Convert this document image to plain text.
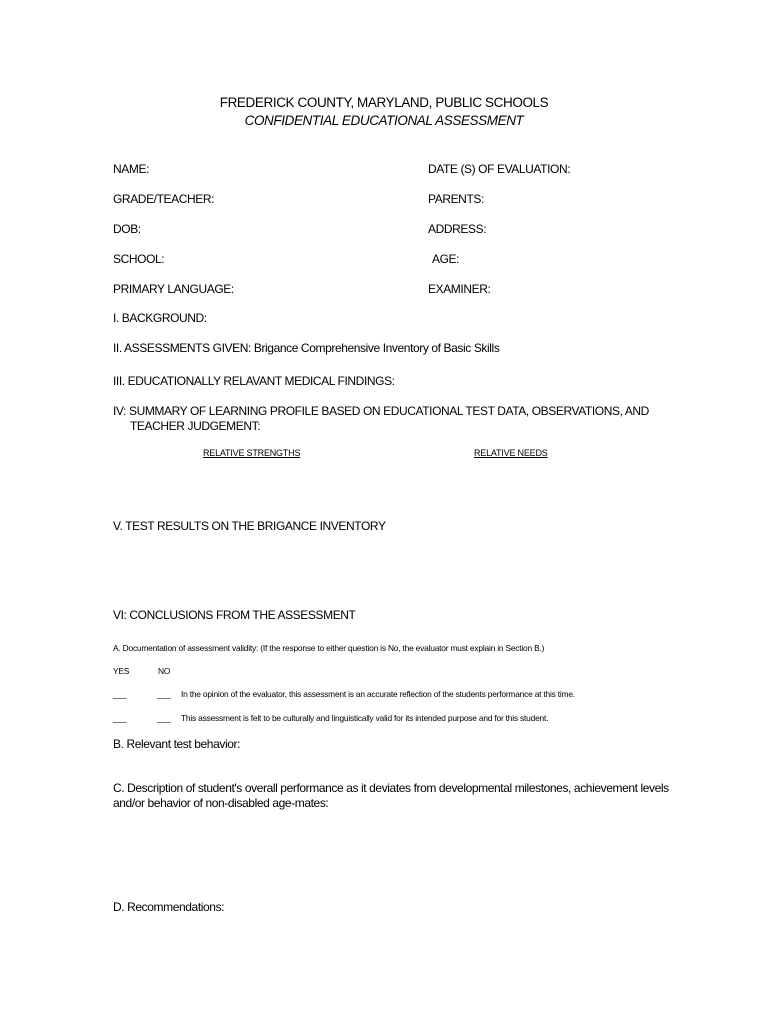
FREDERICK COUNTY, MARYLAND, PUBLIC SCHOOLS
CONFIDENTIAL EDUCATIONAL ASSESSMENT
NAME:	DATE (S) OF EVALUATION:
GRADE/TEACHER:	PARENTS:
DOB:	ADDRESS:
SCHOOL:	AGE:
PRIMARY LANGUAGE:	EXAMINER:
I. BACKGROUND:
II. ASSESSMENTS GIVEN: Brigance Comprehensive Inventory of Basic Skills
III. EDUCATIONALLY RELAVANT MEDICAL FINDINGS:
IV: SUMMARY OF LEARNING PROFILE BASED ON EDUCATIONAL TEST DATA, OBSERVATIONS, AND
TEACHER JUDGEMENT:
RELATIVE STRENGTHS	RELATIVE NEEDS
V. TEST RESULTS ON THE BRIGANCE INVENTORY
VI: CONCLUSIONS FROM THE ASSESSMENT
A. Documentation of assessment validity: (If the response to either question is No, the evaluator must explain in Section B.)
YES	NO
___	___ In the opinion of the evaluator, this assessment is an accurate reflection of the students performance at this time.
___	___ This assessment is felt to be culturally and linguistically valid for its intended purpose and for this student.
B. Relevant test behavior:
C. Description of student's overall performance as it deviates from developmental milestones, achievement levels
and/or behavior of non-disabled age-mates:
D. Recommendations:
